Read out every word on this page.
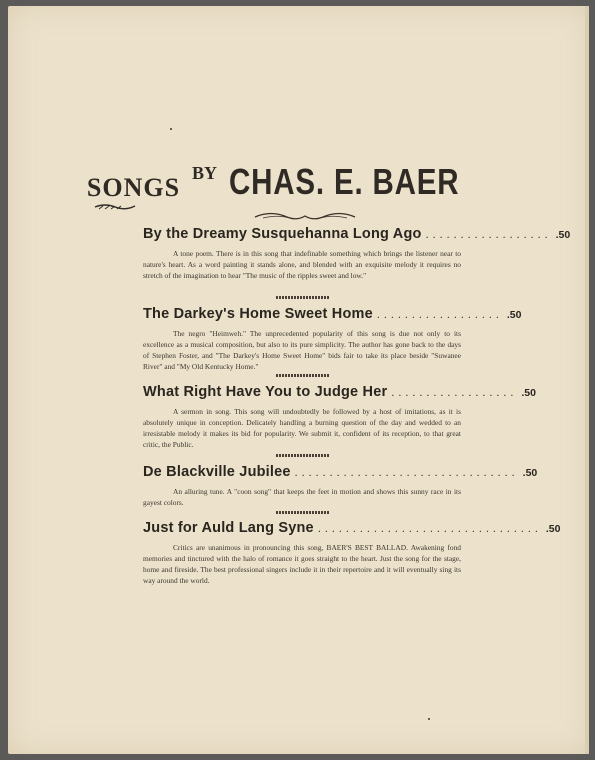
SONGS BY CHAS. E. BAER
By the Dreamy Susquehanna Long Ago .................. .50
A tone poem. There is in this song that indefinable something which brings the listener near to nature's heart. As a word painting it stands alone, and blended with an exquisite melody it requires no stretch of the imagination to hear "The music of the ripples sweet and low."
The Darkey's Home Sweet Home .................. .50
The negro "Heimweh." The unprecedented popularity of this song is due not only to its excellence as a musical composition, but also to its pure simplicity. The author has gone back to the days of Stephen Foster, and "The Darkey's Home Sweet Home" bids fair to take its place beside "Suwanee River" and "My Old Kentucky Home."
What Right Have You to Judge Her .................. .50
A sermon in song. This song will undoubtedly be followed by a host of imitations, as it is absolutely unique in conception. Delicately handling a burning question of the day and wedded to an irresistable melody it makes its bid for popularity. We submit it, confident of its reception, to that great critic, the Public.
De Blackville Jubilee ................................ .50
An alluring tune. A "coon song" that keeps the feet in motion and shows this sunny race in its gayest colors.
Just for Auld Lang Syne ................................ .50
Critics are unanimous in pronouncing this song, BAER'S BEST BALLAD. Awakening fond memories and tinctured with the halo of romance it goes straight to the heart. Just the song for the stage, home and fireside. The best professional singers include it in their repertoire and it will eventually sing its way around the world.
